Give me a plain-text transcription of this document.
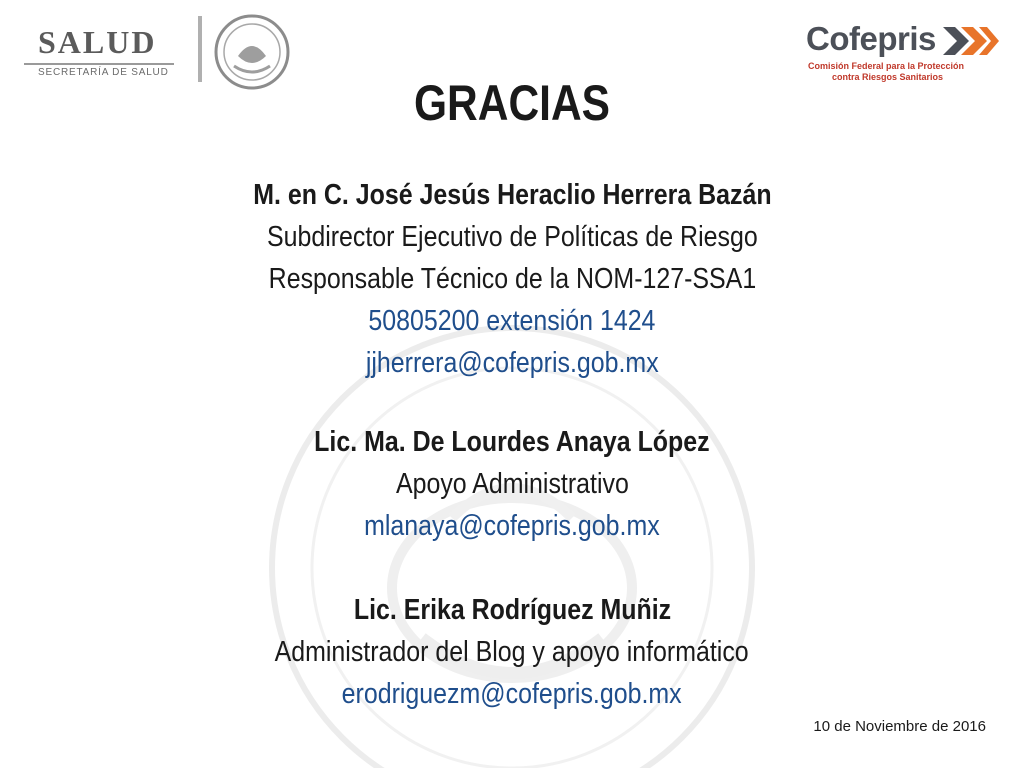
SALUD
SECRETARÍA DE SALUD
Cofepris
Comisión Federal para la Protección
contra Riesgos Sanitarios
GRACIAS
M. en C. José Jesús Heraclio Herrera Bazán
Subdirector Ejecutivo de Políticas de Riesgo
Responsable Técnico de la NOM-127-SSA1
50805200 extensión 1424
jjherrera@cofepris.gob.mx
Lic. Ma. De Lourdes Anaya López
Apoyo Administrativo
mlanaya@cofepris.gob.mx
Lic. Erika Rodríguez Muñiz
Administrador del Blog y apoyo informático
erodriguezm@cofepris.gob.mx
10 de Noviembre de 2016
